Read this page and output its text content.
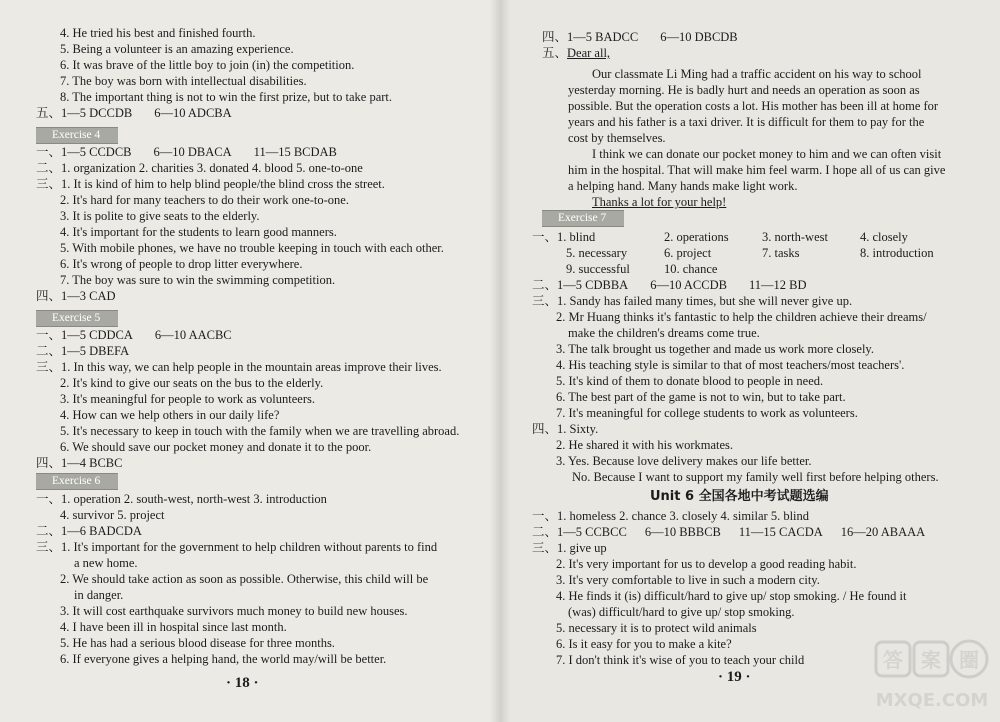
4. He tried his best and finished fourth.
5. Being a volunteer is an amazing experience.
6. It was brave of the little boy to join (in) the competition.
7. The boy was born with intellectual disabilities.
8. The important thing is not to win the first prize, but to take part.
五、1—5 DCCDB 6—10 ADCBA
Exercise 4
一、1—5 CCDCB 6—10 DBACA 11—15 BCDAB
二、1. organization 2. charities 3. donated 4. blood 5. one-to-one
三、1. It is kind of him to help blind people/the blind cross the street.
2. It's hard for many teachers to do their work one-to-one.
3. It is polite to give seats to the elderly.
4. It's important for the students to learn good manners.
5. With mobile phones, we have no trouble keeping in touch with each other.
6. It's wrong of people to drop litter everywhere.
7. The boy was sure to win the swimming competition.
四、1—3 CAD
Exercise 5
一、1—5 CDDCA 6—10 AACBC
二、1—5 DBEFA
三、1. In this way, we can help people in the mountain areas improve their lives.
2. It's kind to give our seats on the bus to the elderly.
3. It's meaningful for people to work as volunteers.
4. How can we help others in our daily life?
5. It's necessary to keep in touch with the family when we are travelling abroad.
6. We should save our pocket money and donate it to the poor.
四、1—4 BCBC
Exercise 6
一、1. operation 2. south-west, north-west 3. introduction
4. survivor 5. project
二、1—6 BADCDA
三、1. It's important for the government to help children without parents to find
a new home.
2. We should take action as soon as possible. Otherwise, this child will be
in danger.
3. It will cost earthquake survivors much money to build new houses.
4. I have been ill in hospital since last month.
5. He has had a serious blood disease for three months.
6. If everyone gives a helping hand, the world may/will be better.
· 18 ·
四、1—5 BADCC 6—10 DBCDB
五、Dear all,
Our classmate Li Ming had a traffic accident on his way to school
yesterday morning. He is badly hurt and needs an operation as soon as
possible. But the operation costs a lot. His mother has been ill at home for
years and his father is a taxi driver. It is difficult for them to pay for the
cost by themselves.
I think we can donate our pocket money to him and we can often visit
him in the hospital. That will make him feel warm. I hope all of us can give
a helping hand. Many hands make light work.
Thanks a lot for your help!
Exercise 7
一、1. blind	2. operations	3. north-west	4. closely
5. necessary	6. project	7. tasks	8. introduction
9. successful	10. chance
二、1—5 CDBBA 6—10 ACCDB 11—12 BD
三、1. Sandy has failed many times, but she will never give up.
2. Mr Huang thinks it's fantastic to help the children achieve their dreams/
make the children's dreams come true.
3. The talk brought us together and made us work more closely.
4. His teaching style is similar to that of most teachers/most teachers'.
5. It's kind of them to donate blood to people in need.
6. The best part of the game is not to win, but to take part.
7. It's meaningful for college students to work as volunteers.
四、1. Sixty.
2. He shared it with his workmates.
3. Yes. Because love delivery makes our life better.
No. Because I want to support my family well first before helping others.
Unit 6 全国各地中考试题选编
一、1. homeless 2. chance 3. closely 4. similar 5. blind
二、1—5 CCBCC 6—10 BBBCB 11—15 CACDA 16—20 ABAAA
三、1. give up
2. It's very important for us to develop a good reading habit.
3. It's very comfortable to live in such a modern city.
4. He finds it (is) difficult/hard to give up/ stop smoking. / He found it
(was) difficult/hard to give up/ stop smoking.
5. necessary it is to protect wild animals
6. Is it easy for you to make a kite?
7. I don't think it's wise of you to teach your child
· 19 ·
答 案 圈
MXQE.COM
